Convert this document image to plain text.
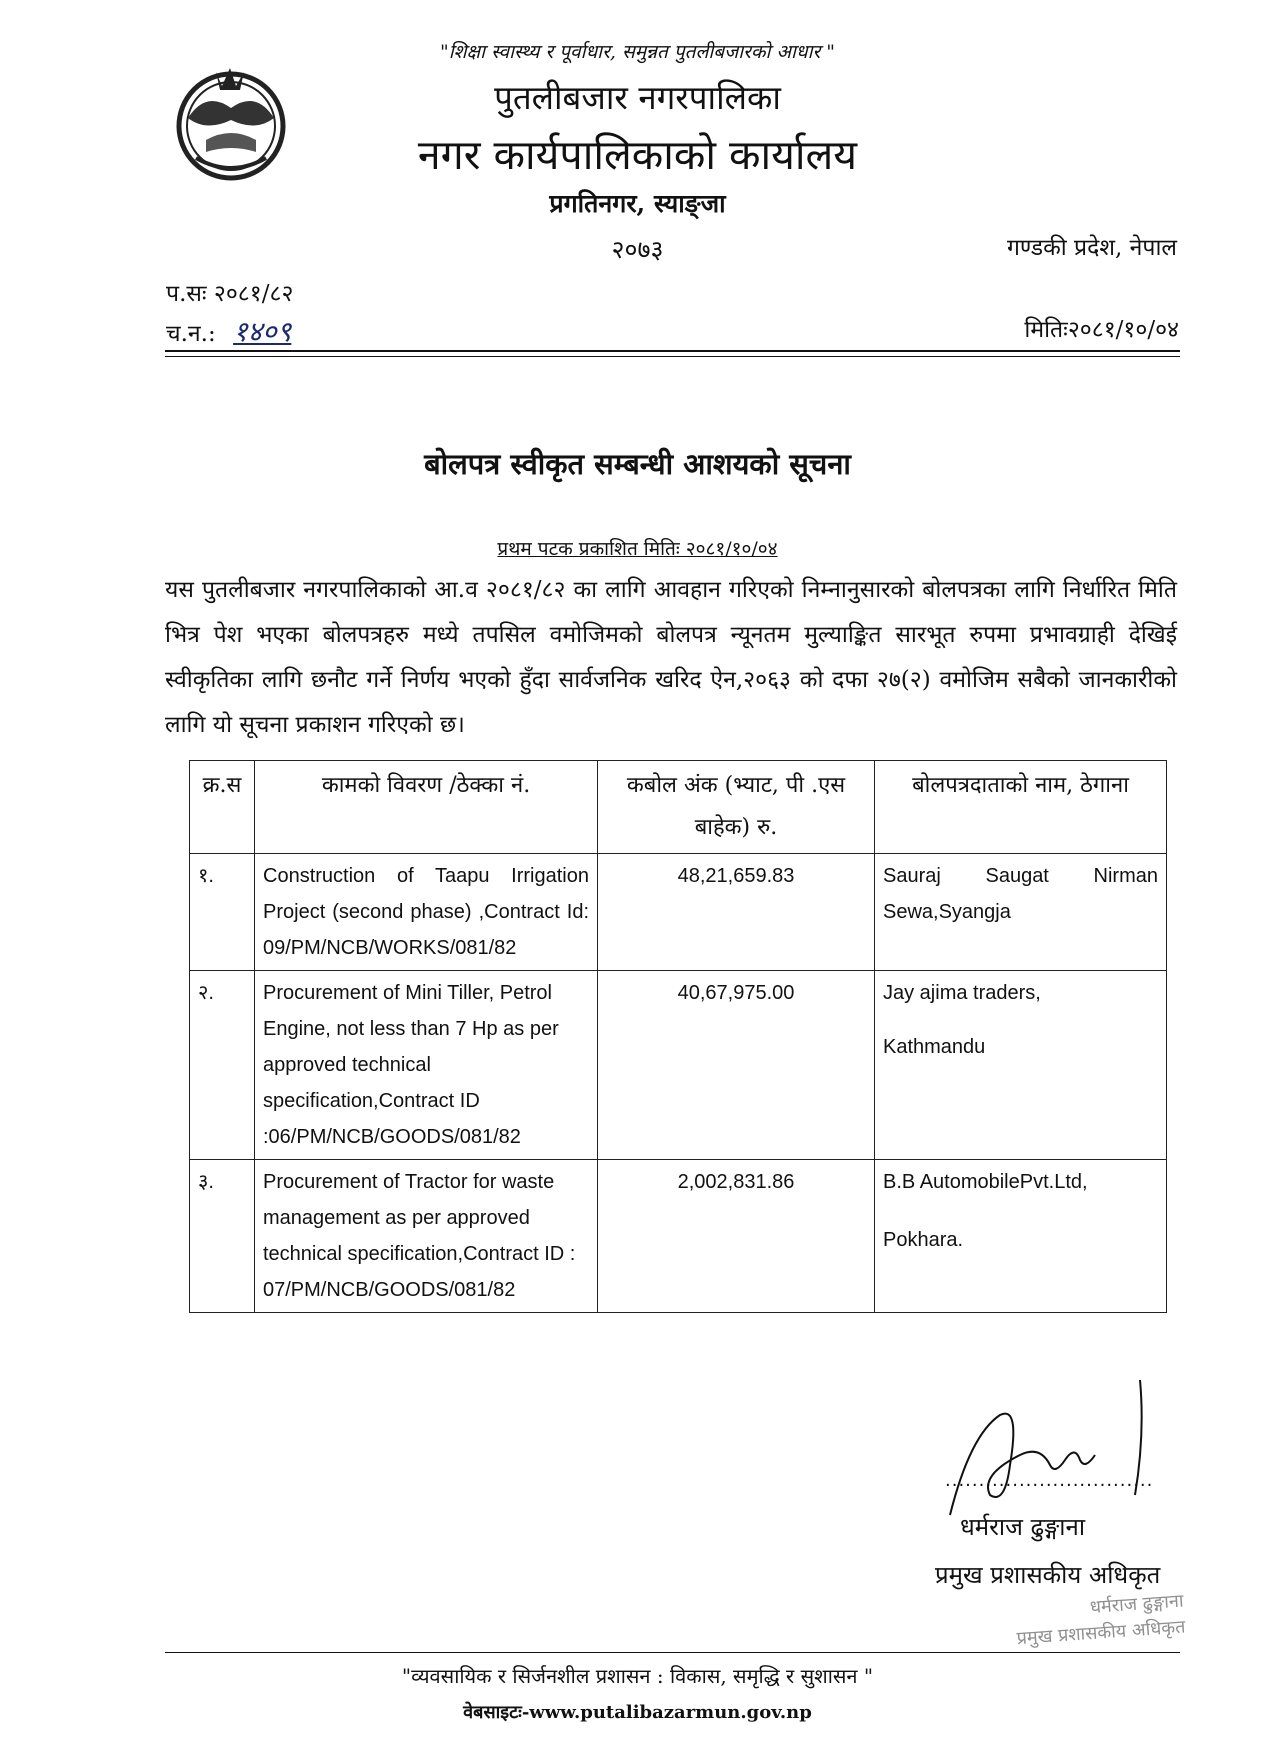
"शिक्षा स्वास्थ्य र पूर्वाधार, समुन्नत पुतलीबजारको आधार "
पुतलीबजार नगरपालिका
नगर कार्यपालिकाको कार्यालय
प्रगतिनगर, स्याङ्जा
२०७३	गण्डकी प्रदेश, नेपाल
प.सः २०८१/८२
च.न.: १४०९	मितिः२०८१/१०/०४
बोलपत्र स्वीकृत सम्बन्धी आशयको सूचना
प्रथम पटक प्रकाशित मितिः २०८१/१०/०४
यस पुतलीबजार नगरपालिकाको आ.व २०८१/८२ का लागि आवहान गरिएको निम्नानुसारको बोलपत्रका लागि निर्धारित मिति भित्र पेश भएका बोलपत्रहरु मध्ये तपसिल वमोजिमको बोलपत्र न्यूनतम मुल्याङ्कित सारभूत रुपमा प्रभावग्राही देखिई स्वीकृतिका लागि छनौट गर्ने निर्णय भएको हुँदा सार्वजनिक खरिद ऐन,२०६३ को दफा २७(२) वमोजिम सबैको जानकारीको लागि यो सूचना प्रकाशन गरिएको छ।
क्र.स	कामको विवरण /ठेक्का नं.	कबोल अंक (भ्याट, पी .एस बाहेक) रु.	बोलपत्रदाताको नाम, ठेगाना
१.	Construction of Taapu Irrigation Project (second phase) ,Contract Id: 09/PM/NCB/WORKS/081/82	48,21,659.83	Sauraj Saugat Nirman Sewa,Syangja
२.	Procurement of Mini Tiller, Petrol Engine, not less than 7 Hp as per approved technical specification,Contract ID :06/PM/NCB/GOODS/081/82	40,67,975.00	Jay ajima traders,
Kathmandu

३.	Procurement of Tractor for waste management as per approved technical specification,Contract ID : 07/PM/NCB/GOODS/081/82	2,002,831.86	B.B AutomobilePvt.Ltd,
Pokhara.
...............................
धर्मराज ढुङ्गाना
प्रमुख प्रशासकीय अधिकृत
धर्मराज ढुङ्गाना
प्रमुख प्रशासकीय अधिकृत
"व्यवसायिक र सिर्जनशील प्रशासन : विकास, समृद्धि र सुशासन "
वेबसाइटः-www.putalibazarmun.gov.np
